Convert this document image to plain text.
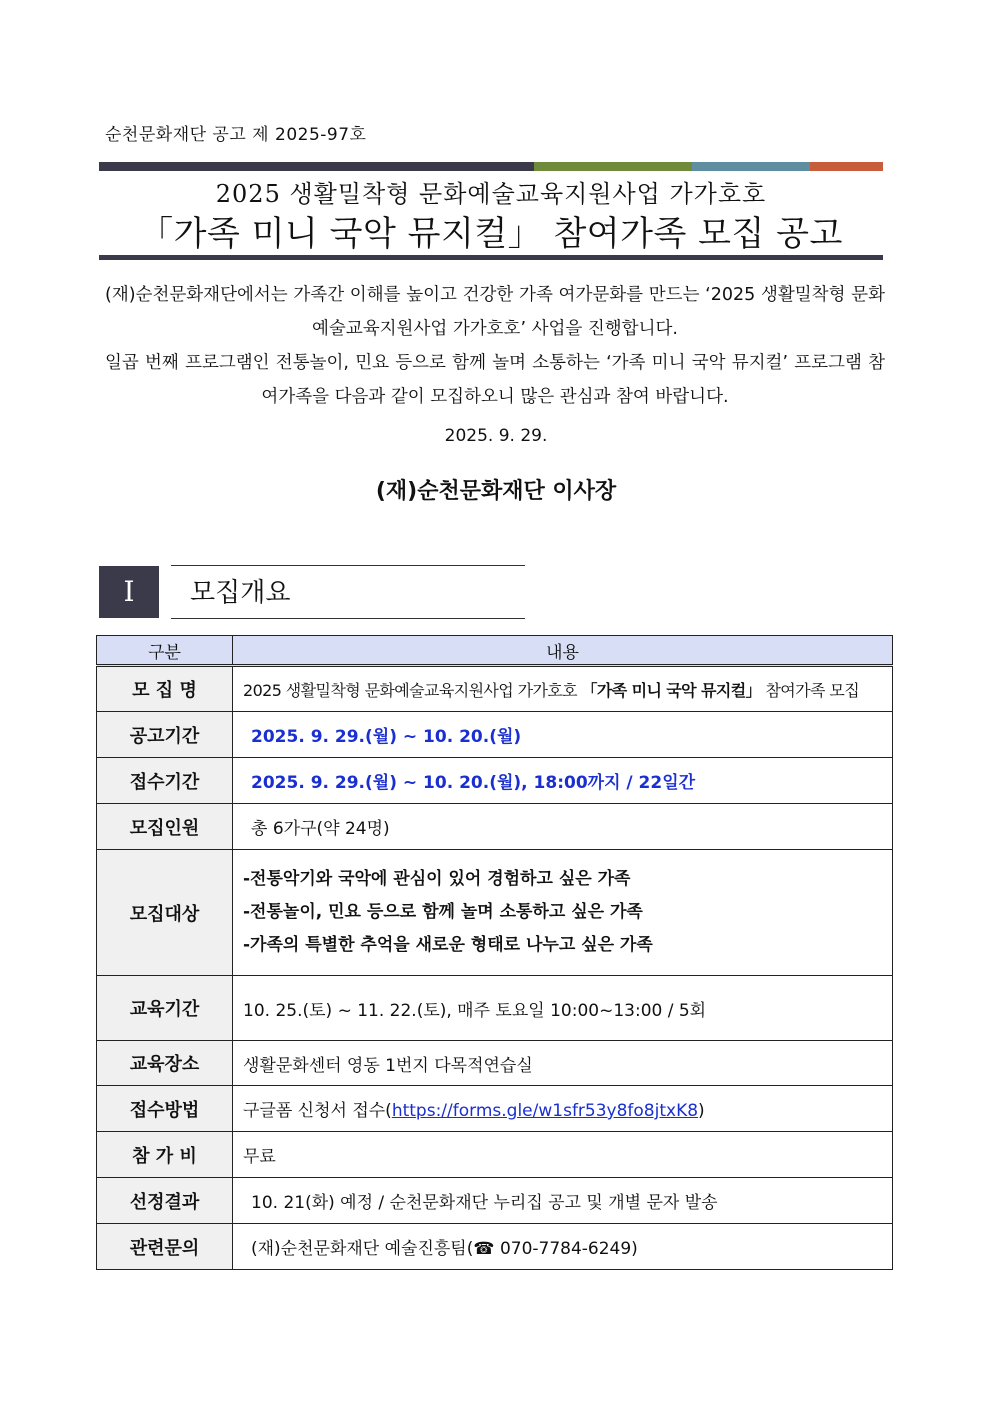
순천문화재단 공고 제 2025-97호
2025 생활밀착형 문화예술교육지원사업 가가호호
「가족 미니 국악 뮤지컬」 참여가족 모집 공고

(재)순천문화재단에서는 가족간 이해를 높이고 건강한 가족 여가문화를 만드는 ‘2025 생활밀착형 문화예술교육지원사업 가가호호’ 사업을 진행합니다.

일곱 번째 프로그램인 전통놀이, 민요 등으로 함께 놀며 소통하는 ‘가족 미니 국악 뮤지컬’ 프로그램 참여가족을 다음과 같이 모집하오니 많은 관심과 참여 바랍니다.

2025. 9. 29.
(재)순천문화재단 이사장
Ⅰ	모집개요
구분	내용
모 집 명	2025 생활밀착형 문화예술교육지원사업 가가호호 「가족 미니 국악 뮤지컬」 참여가족 모집
공고기간	2025. 9. 29.(월) ~ 10. 20.(월)
접수기간	2025. 9. 29.(월) ~ 10. 20.(월), 18:00까지 / 22일간
모집인원	총 6가구(약 24명)
모집대상	-전통악기와 국악에 관심이 있어 경험하고 싶은 가족
-전통놀이, 민요 등으로 함께 놀며 소통하고 싶은 가족
-가족의 특별한 추억을 새로운 형태로 나누고 싶은 가족

교육기간	10. 25.(토) ~ 11. 22.(토), 매주 토요일 10:00~13:00 / 5회
교육장소	생활문화센터 영동 1번지 다목적연습실
접수방법	구글폼 신청서 접수(https://forms.gle/w1sfr53y8fo8jtxK8)
참 가 비	무료
선정결과	10. 21(화) 예정 / 순천문화재단 누리집 공고 및 개별 문자 발송
관련문의	(재)순천문화재단 예술진흥팀(☎ 070-7784-6249)
